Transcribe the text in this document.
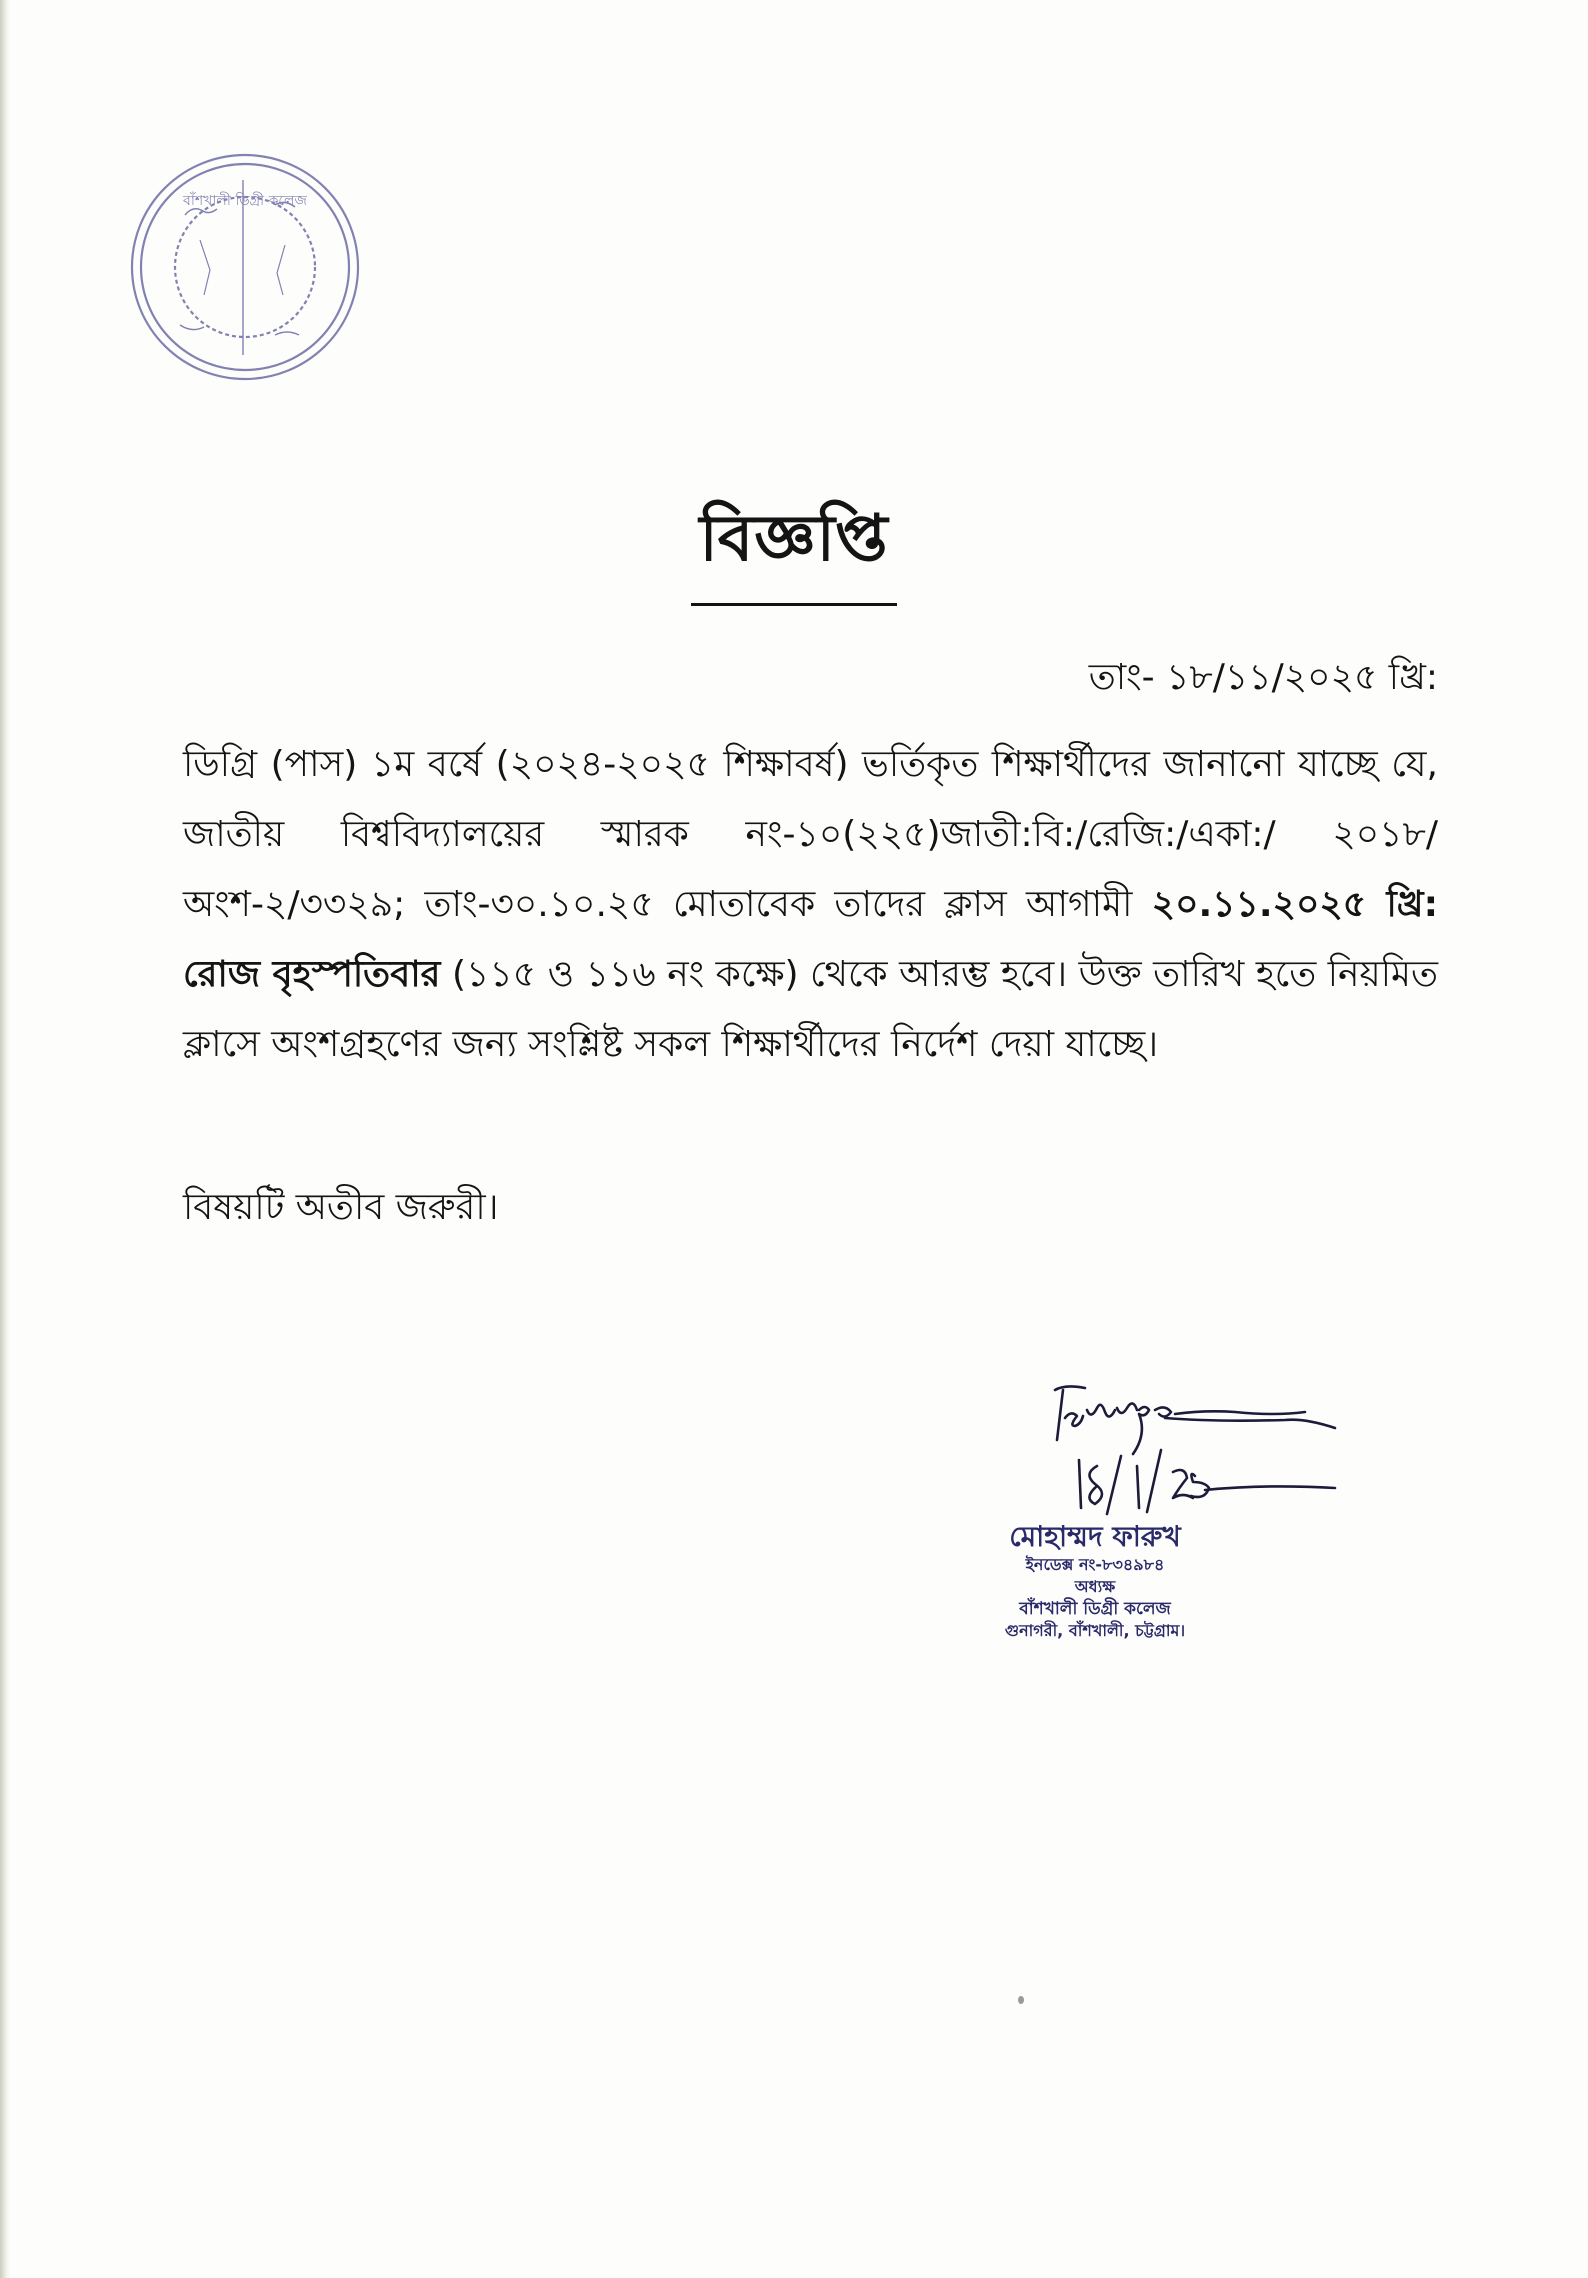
বাঁশখালী ডিগ্রী কলেজ
বিজ্ঞপ্তি
তাং- ১৮/১১/২০২৫ খ্রি:
ডিগ্রি (পাস) ১ম বর্ষে (২০২৪-২০২৫ শিক্ষাবর্ষ) ভর্তিকৃত শিক্ষার্থীদের জানানো যাচ্ছে যে, জাতীয় বিশ্ববিদ্যালয়ের স্মারক নং-১০(২২৫)জাতী:বি:/রেজি:/একা:/ ২০১৮/অংশ-২/৩৩২৯; তাং-৩০.১০.২৫ মোতাবেক তাদের ক্লাস আগামী ২০.১১.২০২৫ খ্রি: রোজ বৃহস্পতিবার (১১৫ ও ১১৬ নং কক্ষে) থেকে আরম্ভ হবে। উক্ত তারিখ হতে নিয়মিত ক্লাসে অংশগ্রহণের জন্য সংশ্লিষ্ট সকল শিক্ষার্থীদের নির্দেশ দেয়া যাচ্ছে।
বিষয়টি অতীব জরুরী।
Faruque 18/11/25
মোহাম্মদ ফারুখ
ইনডেক্স নং-৮৩৪৯৮৪
অধ্যক্ষ
বাঁশখালী ডিগ্রী কলেজ
গুনাগরী, বাঁশখালী, চট্টগ্রাম।
